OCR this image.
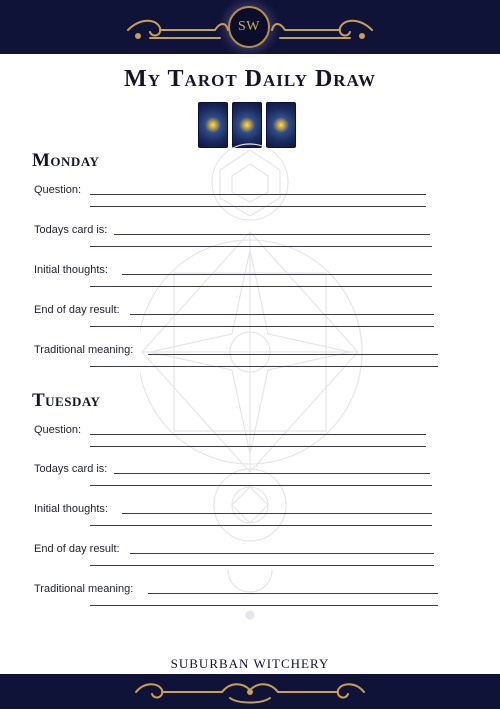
SW
My Tarot Daily Draw
Monday
Question:
Todays card is:
Initial thoughts:
End of day result:
Traditional meaning:
Tuesday
Question:
Todays card is:
Initial thoughts:
End of day result:
Traditional meaning:
SUBURBAN WITCHERY
